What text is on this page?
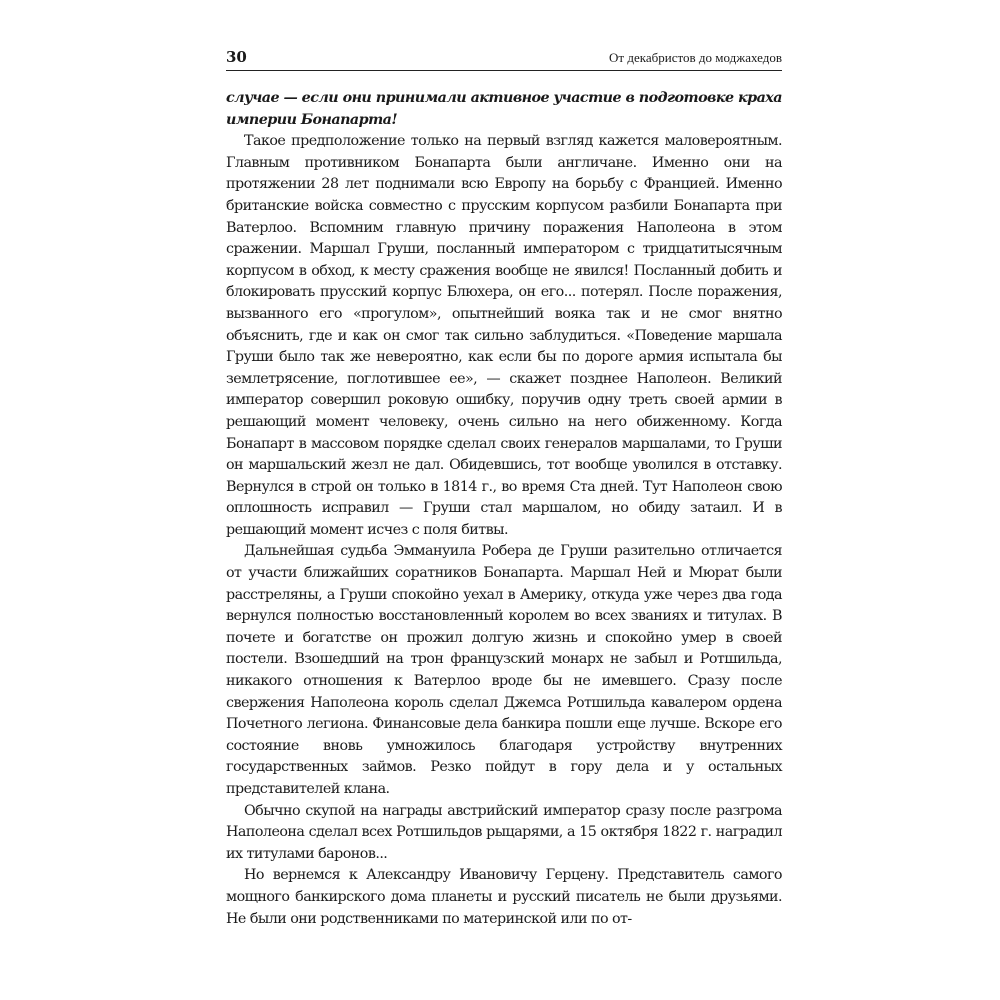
30	От декабристов до моджахедов

случае — если они принимали активное участие в подготовке краха империи Бонапарта!

Такое предположение только на первый взгляд кажется маловероятным. Главным противником Бонапарта были англичане. Именно они на протяжении 28 лет поднимали всю Европу на борьбу с Францией. Именно британские войска совместно с прусским корпусом разбили Бонапарта при Ватерлоо. Вспомним главную причину поражения Наполеона в этом сражении. Маршал Груши, посланный императором с тридцатитысячным корпусом в обход, к месту сражения вообще не явился! Посланный добить и блокировать прусский корпус Блюхера, он его... потерял. После поражения, вызванного его «прогулом», опытнейший вояка так и не смог внятно объяснить, где и как он смог так сильно заблудиться. «Поведение маршала Груши было так же невероятно, как если бы по дороге армия испытала бы землетрясение, поглотившее ее», — скажет позднее Наполеон. Великий император совершил роковую ошибку, поручив одну треть своей армии в решающий момент человеку, очень сильно на него обиженному. Когда Бонапарт в массовом порядке сделал своих генералов маршалами, то Груши он маршальский жезл не дал. Обидевшись, тот вообще уволился в отставку. Вернулся в строй он только в 1814 г., во время Ста дней. Тут Наполеон свою оплошность исправил — Груши стал маршалом, но обиду затаил. И в решающий момент исчез с поля битвы.

Дальнейшая судьба Эммануила Робера де Груши разительно отличается от участи ближайших соратников Бонапарта. Маршал Ней и Мюрат были расстреляны, а Груши спокойно уехал в Америку, откуда уже через два года вернулся полностью восстановленный королем во всех званиях и титулах. В почете и богатстве он прожил долгую жизнь и спокойно умер в своей постели. Взошедший на трон французский монарх не забыл и Ротшильда, никакого отношения к Ватерлоо вроде бы не имевшего. Сразу после свержения Наполеона король сделал Джемса Ротшильда кавалером ордена Почетного легиона. Финансовые дела банкира пошли еще лучше. Вскоре его состояние вновь умножилось благодаря устройству внутренних государственных займов. Резко пойдут в гору дела и у остальных представителей клана.

Обычно скупой на награды австрийский император сразу после разгрома Наполеона сделал всех Ротшильдов рыцарями, а 15 октября 1822 г. наградил их титулами баронов...

Но вернемся к Александру Ивановичу Герцену. Представитель самого мощного банкирского дома планеты и русский писатель не были друзьями. Не были они родственниками по материнской или по от-
